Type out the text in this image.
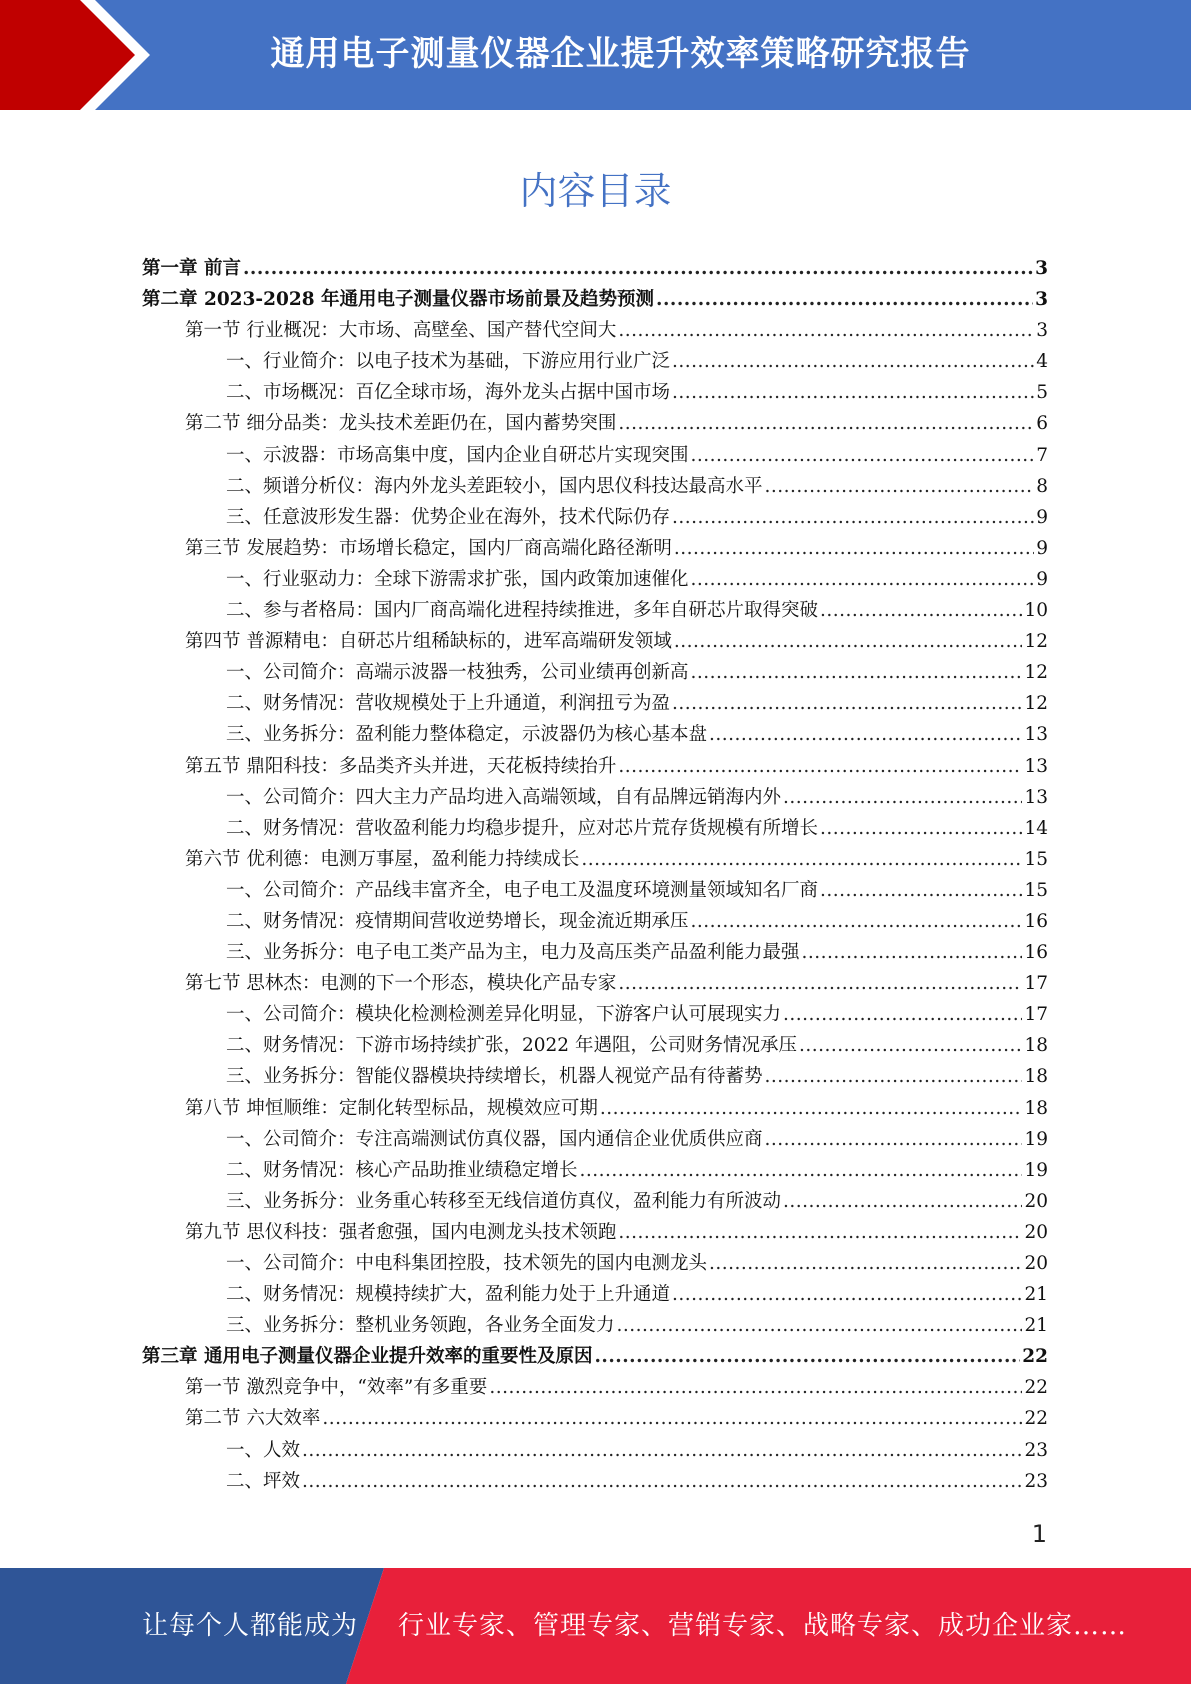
通用电子测量仪器企业提升效率策略研究报告
内容目录
第一章 前言 .....	3
第二章 2023-2028 年通用电子测量仪器市场前景及趋势预测 .....	3
第一节 行业概况：大市场、高壁垒、国产替代空间大 .....	3
一、行业简介：以电子技术为基础，下游应用行业广泛 .....	4
二、市场概况：百亿全球市场，海外龙头占据中国市场 .....	5
第二节 细分品类：龙头技术差距仍在，国内蓄势突围 .....	6
一、示波器：市场高集中度，国内企业自研芯片实现突围 .....	7
二、频谱分析仪：海内外龙头差距较小，国内思仪科技达最高水平 .....	8
三、任意波形发生器：优势企业在海外，技术代际仍存 .....	9
第三节 发展趋势：市场增长稳定，国内厂商高端化路径渐明 .....	9
一、行业驱动力：全球下游需求扩张，国内政策加速催化 .....	9
二、参与者格局：国内厂商高端化进程持续推进，多年自研芯片取得突破 .....	10
第四节 普源精电：自研芯片组稀缺标的，进军高端研发领域 .....	12
一、公司简介：高端示波器一枝独秀，公司业绩再创新高 .....	12
二、财务情况：营收规模处于上升通道，利润扭亏为盈 .....	12
三、业务拆分：盈利能力整体稳定，示波器仍为核心基本盘 .....	13
第五节 鼎阳科技：多品类齐头并进，天花板持续抬升 .....	13
一、公司简介：四大主力产品均进入高端领域，自有品牌远销海内外 .....	13
二、财务情况：营收盈利能力均稳步提升，应对芯片荒存货规模有所增长 .....	14
第六节 优利德：电测万事屋，盈利能力持续成长 .....	15
一、公司简介：产品线丰富齐全，电子电工及温度环境测量领域知名厂商 .....	15
二、财务情况：疫情期间营收逆势增长，现金流近期承压 .....	16
三、业务拆分：电子电工类产品为主，电力及高压类产品盈利能力最强 .....	16
第七节 思林杰：电测的下一个形态，模块化产品专家 .....	17
一、公司简介：模块化检测检测差异化明显，下游客户认可展现实力 .....	17
二、财务情况：下游市场持续扩张，2022 年遇阻，公司财务情况承压 .....	18
三、业务拆分：智能仪器模块持续增长，机器人视觉产品有待蓄势 .....	18
第八节 坤恒顺维：定制化转型标品，规模效应可期 .....	18
一、公司简介：专注高端测试仿真仪器，国内通信企业优质供应商 .....	19
二、财务情况：核心产品助推业绩稳定增长 .....	19
三、业务拆分：业务重心转移至无线信道仿真仪，盈利能力有所波动 .....	20
第九节 思仪科技：强者愈强，国内电测龙头技术领跑 .....	20
一、公司简介：中电科集团控股，技术领先的国内电测龙头 .....	20
二、财务情况：规模持续扩大，盈利能力处于上升通道 .....	21
三、业务拆分：整机业务领跑，各业务全面发力 .....	21
第三章 通用电子测量仪器企业提升效率的重要性及原因 .....	22
第一节 激烈竞争中，“效率”有多重要 .....	22
第二节 六大效率 .....	22
一、人效 .....	23
二、坪效 .....	23
1
让每个人都能成为 行业专家、管理专家、营销专家、战略专家、成功企业家……
